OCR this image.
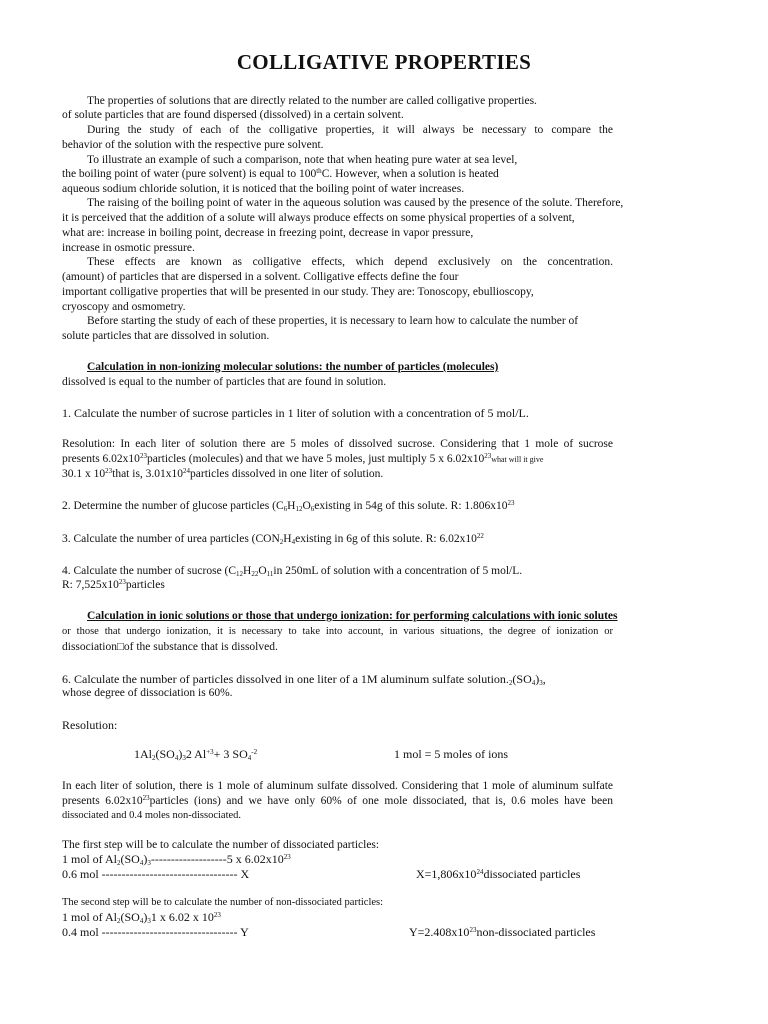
COLLIGATIVE PROPERTIES

The properties of solutions that are directly related to the number are called colligative properties.

of solute particles that are found dispersed (dissolved) in a certain solvent.

During the study of each of the colligative properties, it will always be necessary to compare the

behavior of the solution with the respective pure solvent.

To illustrate an example of such a comparison, note that when heating pure water at sea level,

the boiling point of water (pure solvent) is equal to 100thC. However, when a solution is heated

aqueous sodium chloride solution, it is noticed that the boiling point of water increases.

The raising of the boiling point of water in the aqueous solution was caused by the presence of the solute. Therefore,

it is perceived that the addition of a solute will always produce effects on some physical properties of a solvent,

what are: increase in boiling point, decrease in freezing point, decrease in vapor pressure,

increase in osmotic pressure.

These effects are known as colligative effects, which depend exclusively on the concentration.

(amount) of particles that are dispersed in a solvent. Colligative effects define the four

important colligative properties that will be presented in our study. They are: Tonoscopy, ebullioscopy,

cryoscopy and osmometry.

Before starting the study of each of these properties, it is necessary to learn how to calculate the number of

solute particles that are dissolved in solution.

Calculation in non-ionizing molecular solutions: the number of particles (molecules)

dissolved is equal to the number of particles that are found in solution.

1. Calculate the number of sucrose particles in 1 liter of solution with a concentration of 5 mol/L.

Resolution: In each liter of solution there are 5 moles of dissolved sucrose. Considering that 1 mole of sucrose

presents $6.02x10^{23}particles$ (molecules) and that we have 5 moles, just multiply 5 x $6.02x10^{23}what$ will it give

30.1 x $10^{23}that$ is, $3.01x10^{24}particles$ dissolved in one liter of solution.

2. Determine the number of glucose particles ($C_6H_{12}O_6existing$ in 54g of this solute. R: $1.806x10^{23}$

3. Calculate the number of urea particles ($CON_2H_4existing$ in 6g of this solute. R: $6.02x10^{22}$

4. Calculate the number of sucrose ($C_{12}H_{22}O_{11}in$ 250mL of solution with a concentration of 5 mol/L.

R: $7,525x10^{23}particles$

Calculation in ionic solutions or those that undergo ionization: for performing calculations with ionic solutes

or those that undergo ionization, it is necessary to take into account, in various situations, the degree of ionization or

dissociation□of the substance that is dissolved.

6. Calculate the number of particles dissolved in one liter of a 1M aluminum sulfate $solution._2(SO_4)_3$,

whose degree of dissociation is 60%.

Resolution:

$1Al_2(SO_4)_32$ $Al^{+3}+ 3$ $SO_4^{-2}$	1 mol = 5 moles of ions

In each liter of solution, there is 1 mole of aluminum sulfate dissolved. Considering that 1 mole of aluminum sulfate

presents $6.02x10^{23}particles$ (ions) and we have only 60% of one mole dissociated, that is, 0.6 moles have been

dissociated and 0.4 moles non-dissociated.

The first step will be to calculate the number of dissociated particles:

1 mol of $Al_2(SO_4)_3-------------------5$ x $6.02x10^{23}$

0.6 mol ---------------------------------- X	$X=1,806x10^{24}dissociated$ particles

The second step will be to calculate the number of non-dissociated particles:

1 mol of $Al_2(SO_4)_31$ x 6.02 x $10^{23}$

0.4 mol ---------------------------------- Y	$Y=2.408x10^{23}non$-dissociated particles
